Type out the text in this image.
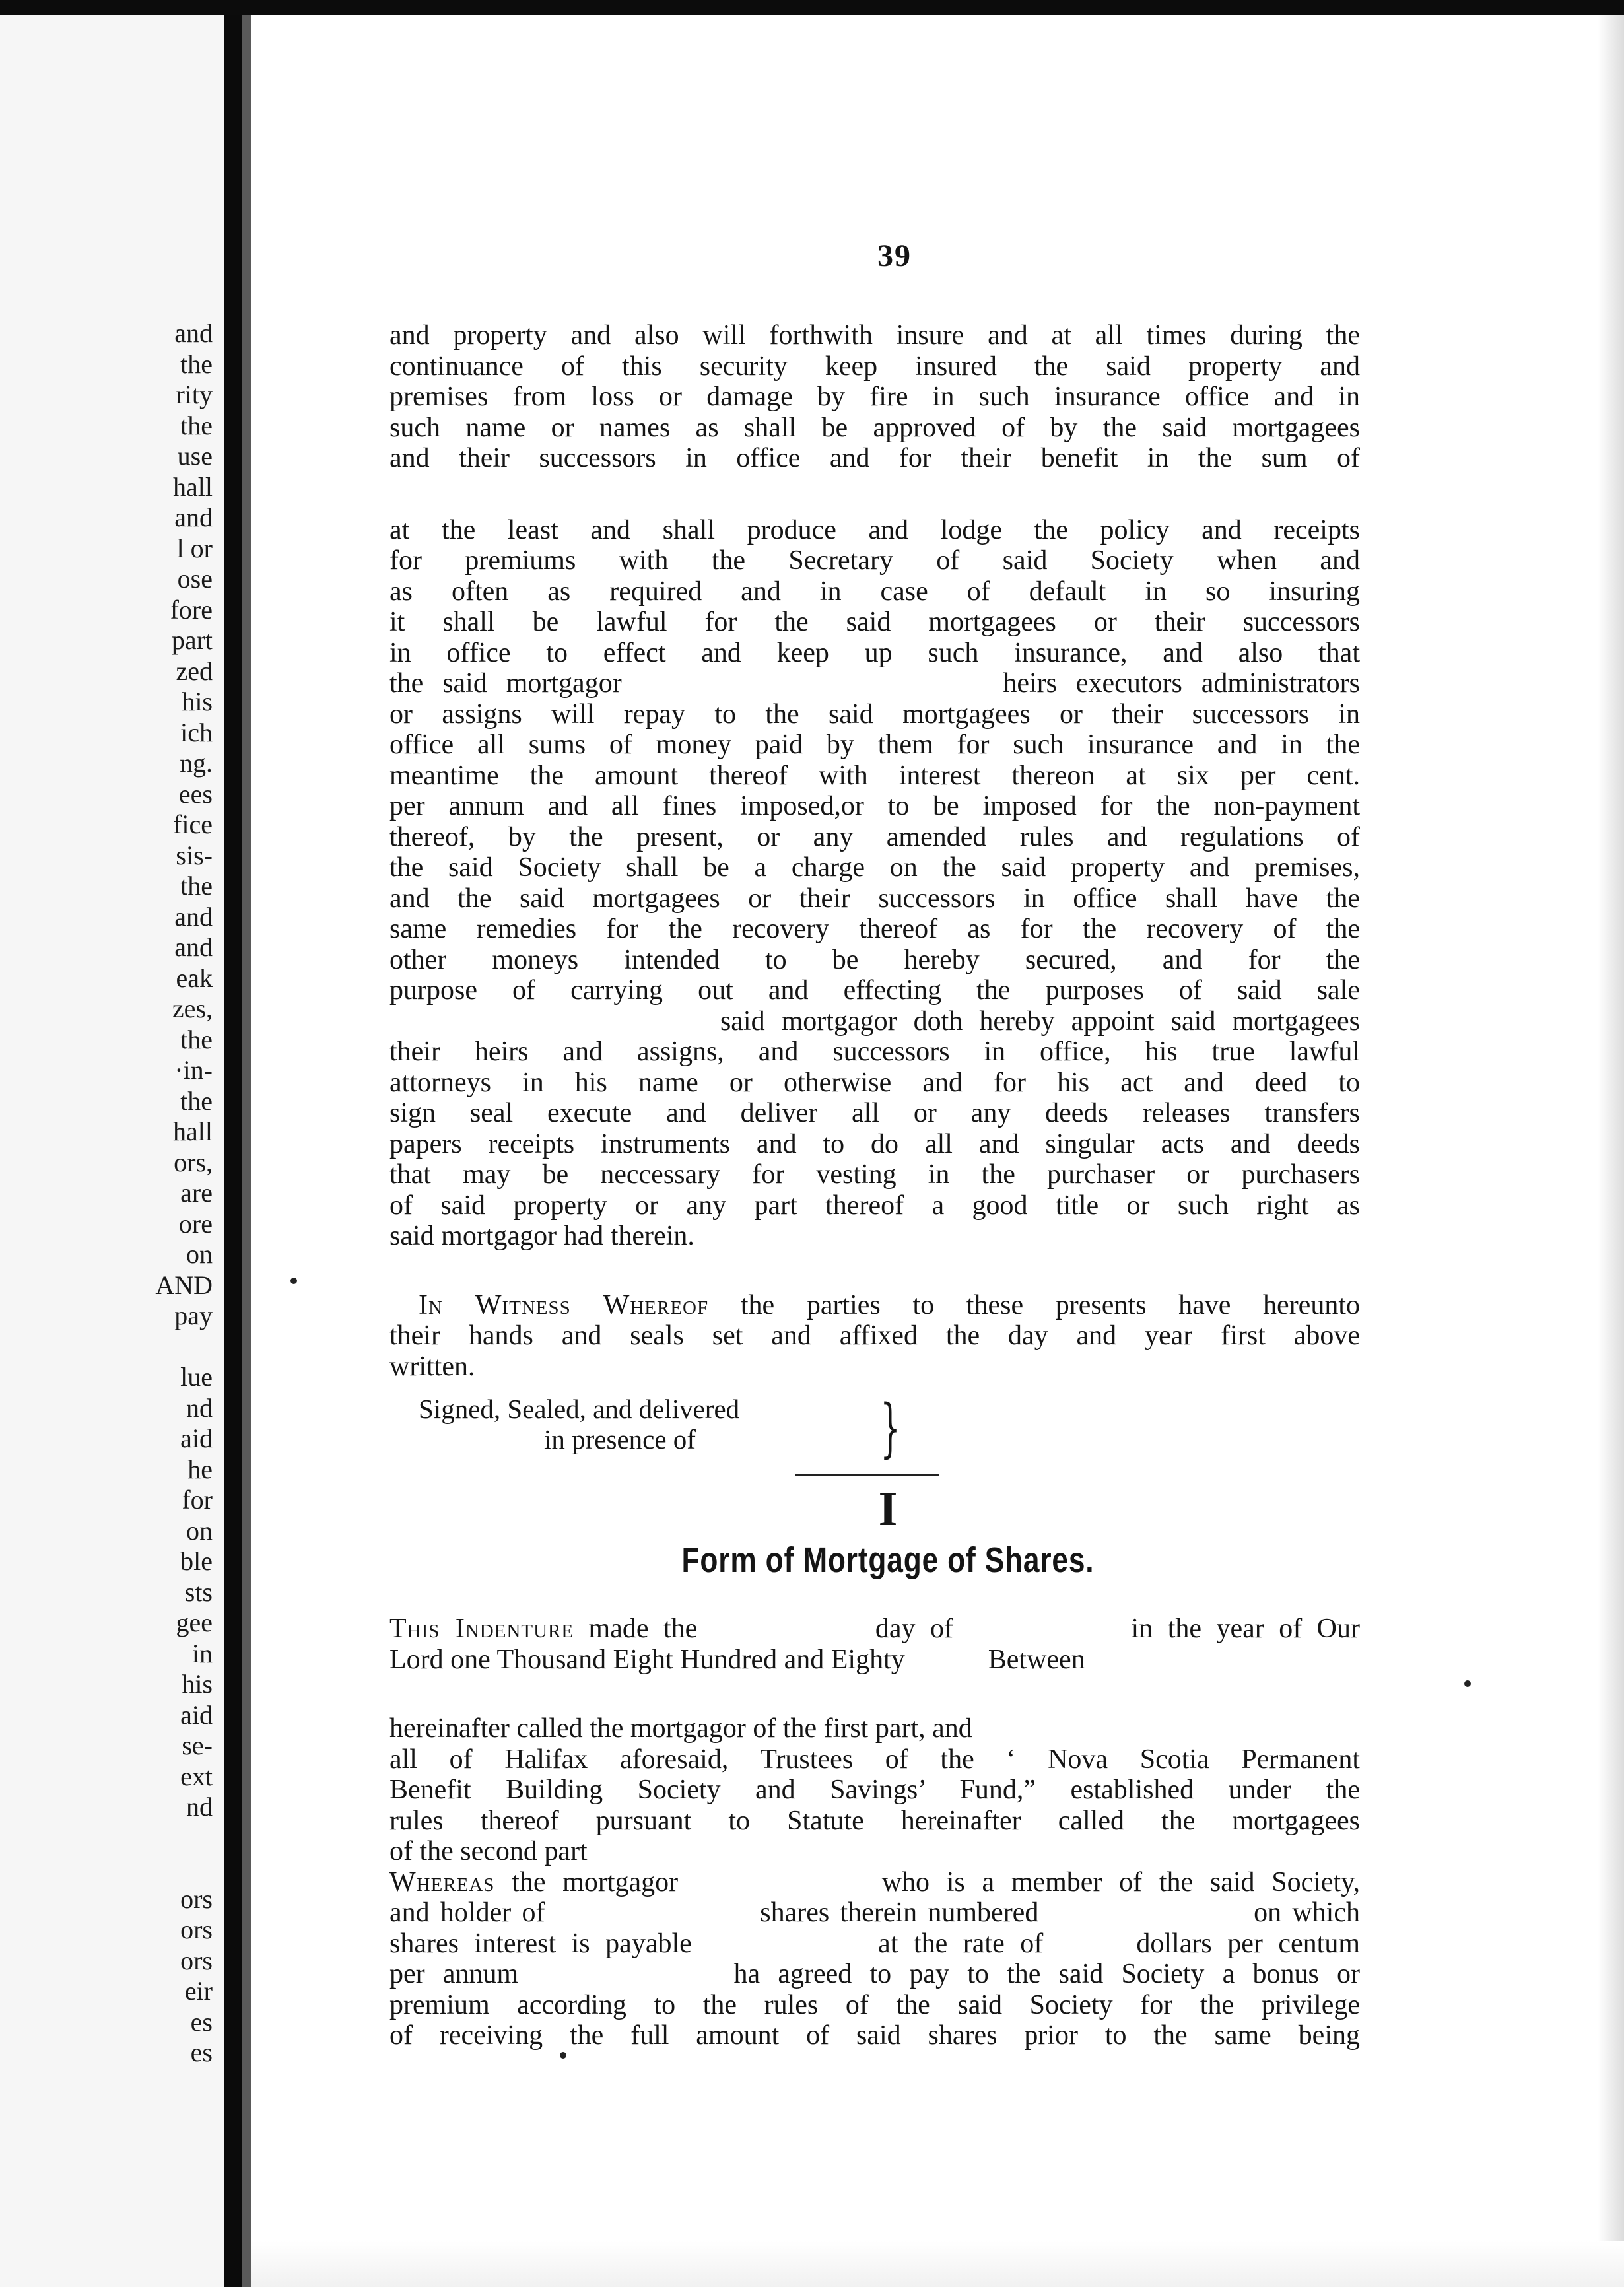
and
the
rity
the
use
hall
and
l or
ose
fore
part
zed
his
ich
ng.
ees
fice
sis-
the
and
and
eak
zes,
the
·in-
the
hall
ors,
are
ore
on
AND
pay
lue
nd
aid
he
for
on
ble
sts
gee
in
his
aid
se-
ext
nd
ors
ors
ors
eir
es
es
39

and property and also will forthwith insure and at all times during the
continuance of this security keep insured the said property and
premises from loss or damage by fire in such insurance office and in
such name or names as shall be approved of by the said mortgagees
and their successors in office and for their benefit in the sum of

at the least and shall produce and lodge the policy and receipts
for premiums with the Secretary of said Society when and
as often as required and in case of default in so insuring
it shall be lawful for the said mortgagees or their successors
in office to effect and keep up such insurance, and also that
the said mortgagor                    heirs executors administrators
or assigns will repay to the said mortgagees or their successors in
office all sums of money paid by them for such insurance and in the
meantime the amount thereof with interest thereon at six per cent.
per annum and all fines imposed,or to be imposed for the non-payment
thereof, by the present, or any amended rules and regulations of
the said Society shall be a charge on the said property and premises,
and the said mortgagees or their successors in office shall have the
same remedies for the recovery thereof as for the recovery of the
other moneys intended to be hereby secured, and for the
purpose of carrying out and effecting the purposes of said sale
said mortgagor doth hereby appoint said mortgagees
their heirs and assigns, and successors in office, his true lawful
attorneys in his name or otherwise and for his act and deed to
sign seal execute and deliver all or any deeds releases transfers
papers receipts instruments and to do all and singular acts and deeds
that may be neccessary for vesting in the purchaser or purchasers
of said property or any part thereof a good title or such right as
said mortgagor had therein.

In Witness Whereof the parties to these presents have hereunto
their hands and seals set and affixed the day and year first above
written.

Signed, Sealed, and delivered
in presence of	}
I
Form of Mortgage of Shares.

This Indenture made the            day of            in the year of Our
Lord one Thousand Eight Hundred and Eighty            Between

hereinafter called the mortgagor of the first part, and
all of Halifax aforesaid, Trustees of the ‘ Nova Scotia Permanent
Benefit Building Society and Savings’ Fund,” established under the
rules thereof pursuant to Statute hereinafter called the mortgagees
of the second part

Whereas the mortgagor            who is a member of the said Society,
and holder of                    shares therein numbered                    on which
shares interest is payable            at the rate of      dollars per centum
per annum            ha agreed to pay to the said Society a bonus or
premium according to the rules of the said Society for the privilege
of receiving the full amount of said shares prior to the same being
